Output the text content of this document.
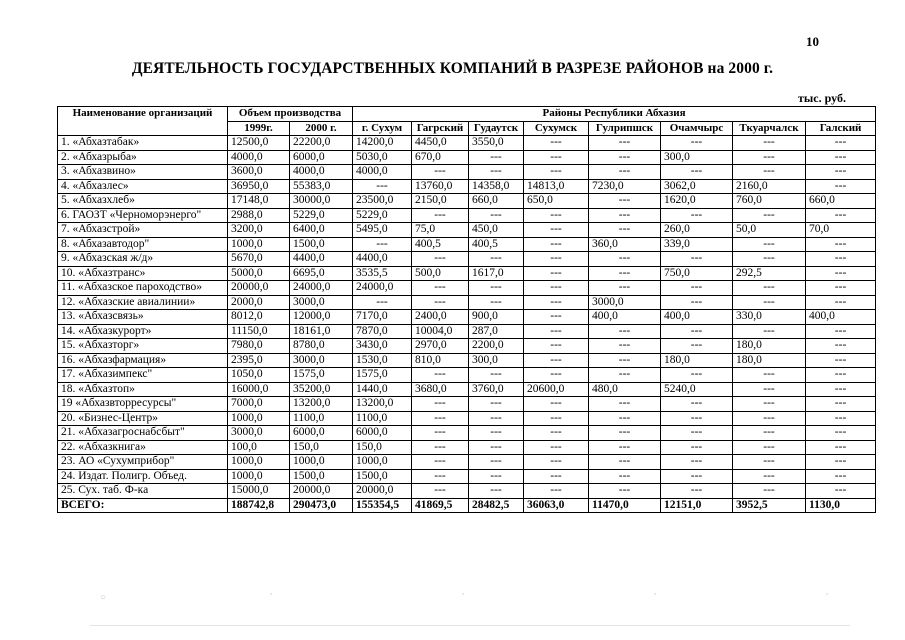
10
ДЕЯТЕЛЬНОСТЬ ГОСУДАРСТВЕННЫХ КОМПАНИЙ В РАЗРЕЗЕ РАЙОНОВ на 2000 г.
тыс. руб.
Наименование организаций	Объем производства		Районы Республики Абхазия							
	1999г.	2000 г.	г. Сухум	Гагрский	Гудаутск	Сухумск	Гулрипшск	Очамчырс	Ткуарчалск	Галский
1. «Абхазтабак»	12500,0	22200,0	14200,0	4450,0	3550,0	---	---	---	---	---
2. «Абхазрыба»	4000,0	6000,0	5030,0	670,0	---	---	---	300,0	---	---
3. «Абхазвино»	3600,0	4000,0	4000,0	---	---	---	---	---	---	---
4. «Абхазлес»	36950,0	55383,0	---	13760,0	14358,0	14813,0	7230,0	3062,0	2160,0	---
5. «Абхазхлеб»	17148,0	30000,0	23500,0	2150,0	660,0	650,0	---	1620,0	760,0	660,0
6. ГАОЗТ «Черноморэнерго"	2988,0	5229,0	5229,0	---	---	---	---	---	---	---
7. «Абхазстрой»	3200,0	6400,0	5495,0	75,0	450,0	---	---	260,0	50,0	70,0
8. «Абхазавтодор"	1000,0	1500,0	---	400,5	400,5	---	360,0	339,0	---	---
9. «Абхазская ж/д»	5670,0	4400,0	4400,0	---	---	---	---	---	---	---
10. «Абхазтранс»	5000,0	6695,0	3535,5	500,0	1617,0	---	---	750,0	292,5	---
11. «Абхазское пароходство»	20000,0	24000,0	24000,0	---	---	---	---	---	---	---
12. «Абхазские авиалинии»	2000,0	3000,0	---	---	---	---	3000,0	---	---	---
13. «Абхазсвязь»	8012,0	12000,0	7170,0	2400,0	900,0	---	400,0	400,0	330,0	400,0
14. «Абхазкурорт»	11150,0	18161,0	7870,0	10004,0	287,0	---	---	---	---	---
15. «Абхазторг»	7980,0	8780,0	3430,0	2970,0	2200,0	---	---	---	180,0	---
16. «Абхазфармация»	2395,0	3000,0	1530,0	810,0	300,0	---	---	180,0	180,0	---
17. «Абхазимпекс"	1050,0	1575,0	1575,0	---	---	---	---	---	---	---
18. «Абхазтоп»	16000,0	35200,0	1440,0	3680,0	3760,0	20600,0	480,0	5240,0	---	---
19 «Абхазвторресурсы"	7000,0	13200,0	13200,0	---	---	---	---	---	---	---
20. «Бизнес-Центр»	1000,0	1100,0	1100,0	---	---	---	---	---	---	---
21. «Абхазагроснабсбыт"	3000,0	6000,0	6000,0	---	---	---	---	---	---	---
22. «Абхазкнига»	100,0	150,0	150,0	---	---	---	---	---	---	---
23. АО «Сухумприбор"	1000,0	1000,0	1000,0	---	---	---	---	---	---	---
24. Издат. Полигр. Объед.	1000,0	1500,0	1500,0	---	---	---	---	---	---	---
25. Сух. таб. Ф-ка	15000,0	20000,0	20000,0	---	---	---	---	---	---	---
ВСЕГО:	188742,8	290473,0	155354,5	41869,5	28482,5	36063,0	11470,0	12151,0	3952,5	1130,0
○	′	′	′	′
